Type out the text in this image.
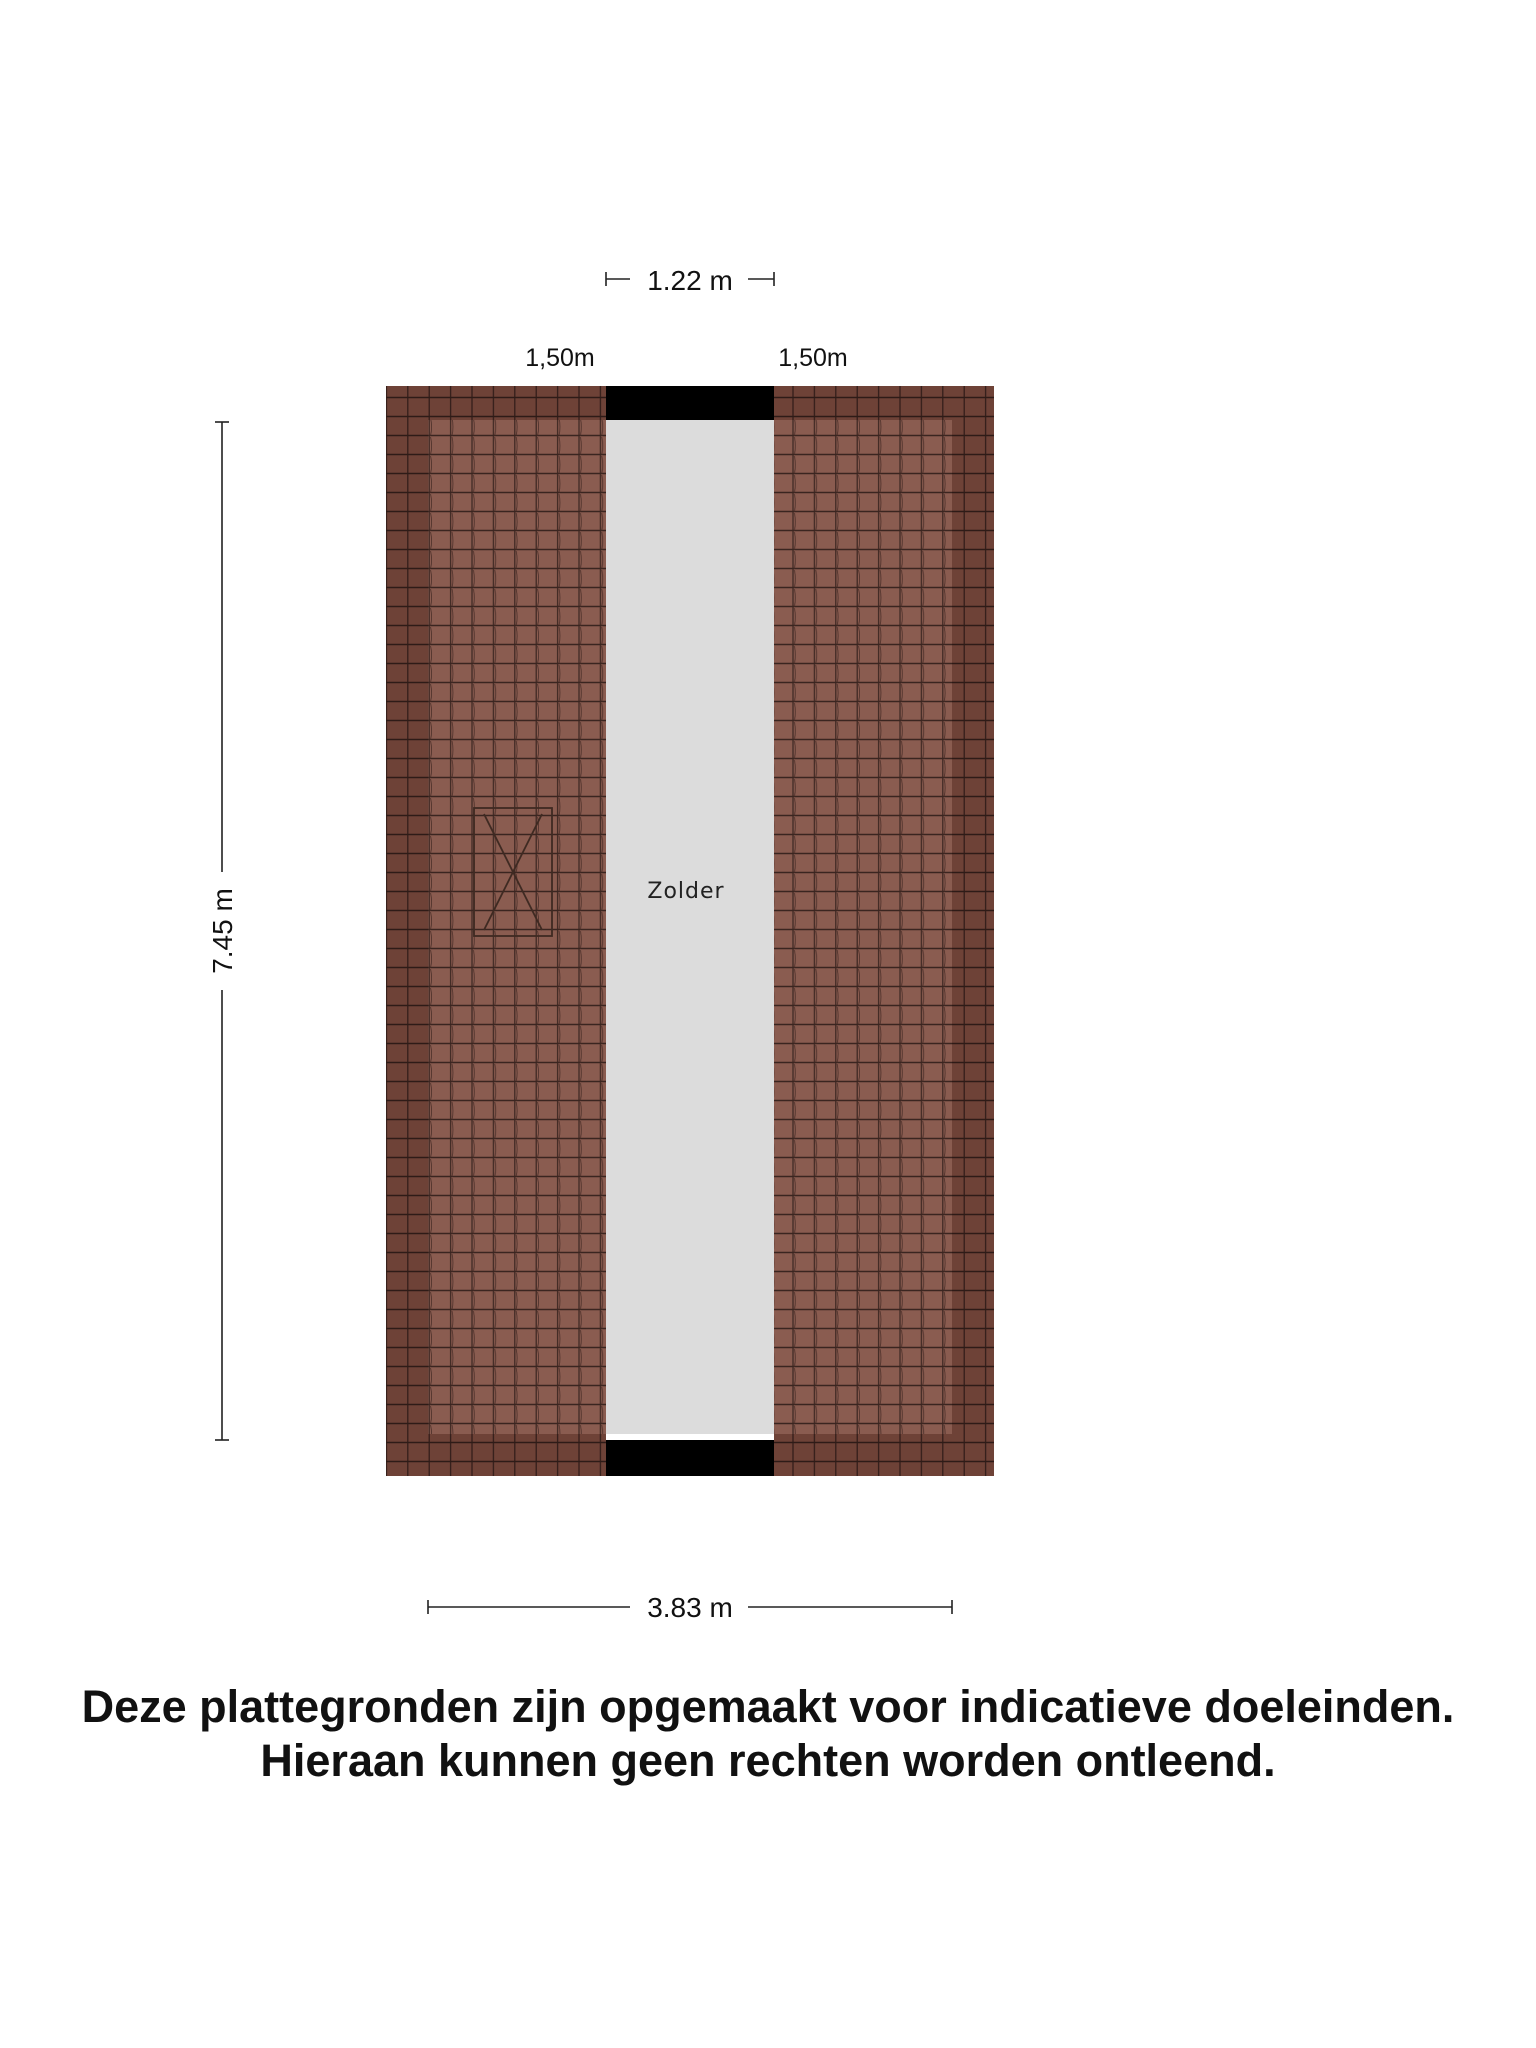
Zolder
1.22 m
1,50m	1,50m
7.45 m
3.83 m
Deze plattegronden zijn opgemaakt voor indicatieve doeleinden.
Hieraan kunnen geen rechten worden ontleend.
